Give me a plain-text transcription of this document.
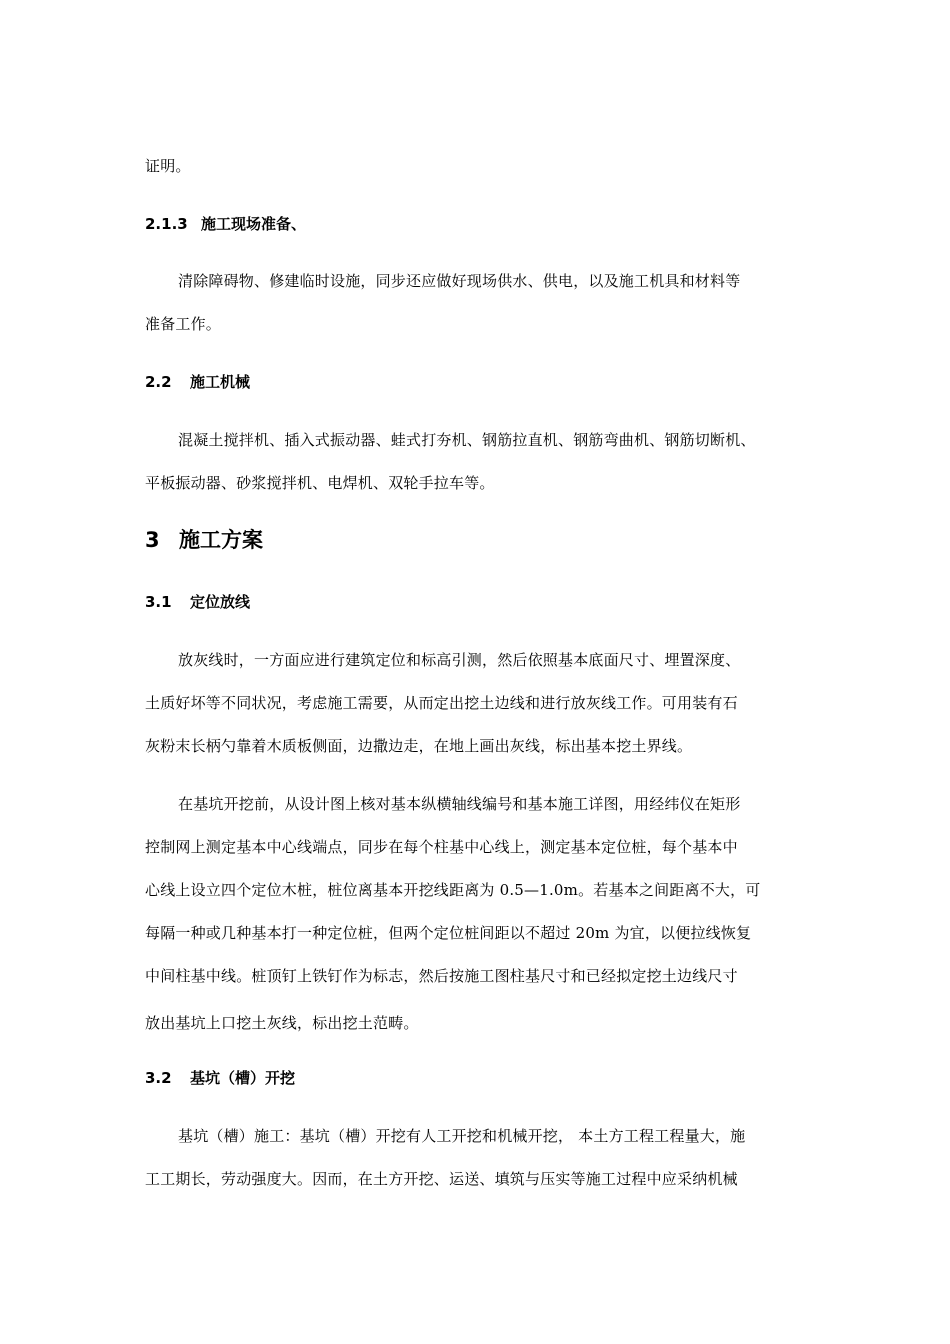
证明。
2.1.3 施工现场准备、
清除障碍物、修建临时设施，同步还应做好现场供水、供电，以及施工机具和材料等
准备工作。
2.2 施工机械
混凝土搅拌机、插入式振动器、蛙式打夯机、钢筋拉直机、钢筋弯曲机、钢筋切断机、
平板振动器、砂浆搅拌机、电焊机、双轮手拉车等。
3 施工方案
3.1 定位放线
放灰线时，一方面应进行建筑定位和标高引测，然后依照基本底面尺寸、埋置深度、
土质好坏等不同状况，考虑施工需要，从而定出挖土边线和进行放灰线工作。可用装有石
灰粉末长柄勺靠着木质板侧面，边撒边走，在地上画出灰线，标出基本挖土界线。
在基坑开挖前，从设计图上核对基本纵横轴线编号和基本施工详图，用经纬仪在矩形
控制网上测定基本中心线端点，同步在每个柱基中心线上，测定基本定位桩，每个基本中
心线上设立四个定位木桩，桩位离基本开挖线距离为 0.5—1.0m。若基本之间距离不大，可
每隔一种或几种基本打一种定位桩，但两个定位桩间距以不超过 20m 为宜，以便拉线恢复
中间柱基中线。桩顶钉上铁钉作为标志，然后按施工图柱基尺寸和已经拟定挖土边线尺寸
放出基坑上口挖土灰线，标出挖土范畴。
3.2 基坑（槽）开挖
基坑（槽）施工：基坑（槽）开挖有人工开挖和机械开挖， 本土方工程工程量大，施
工工期长，劳动强度大。因而，在土方开挖、运送、填筑与压实等施工过程中应采纳机械
